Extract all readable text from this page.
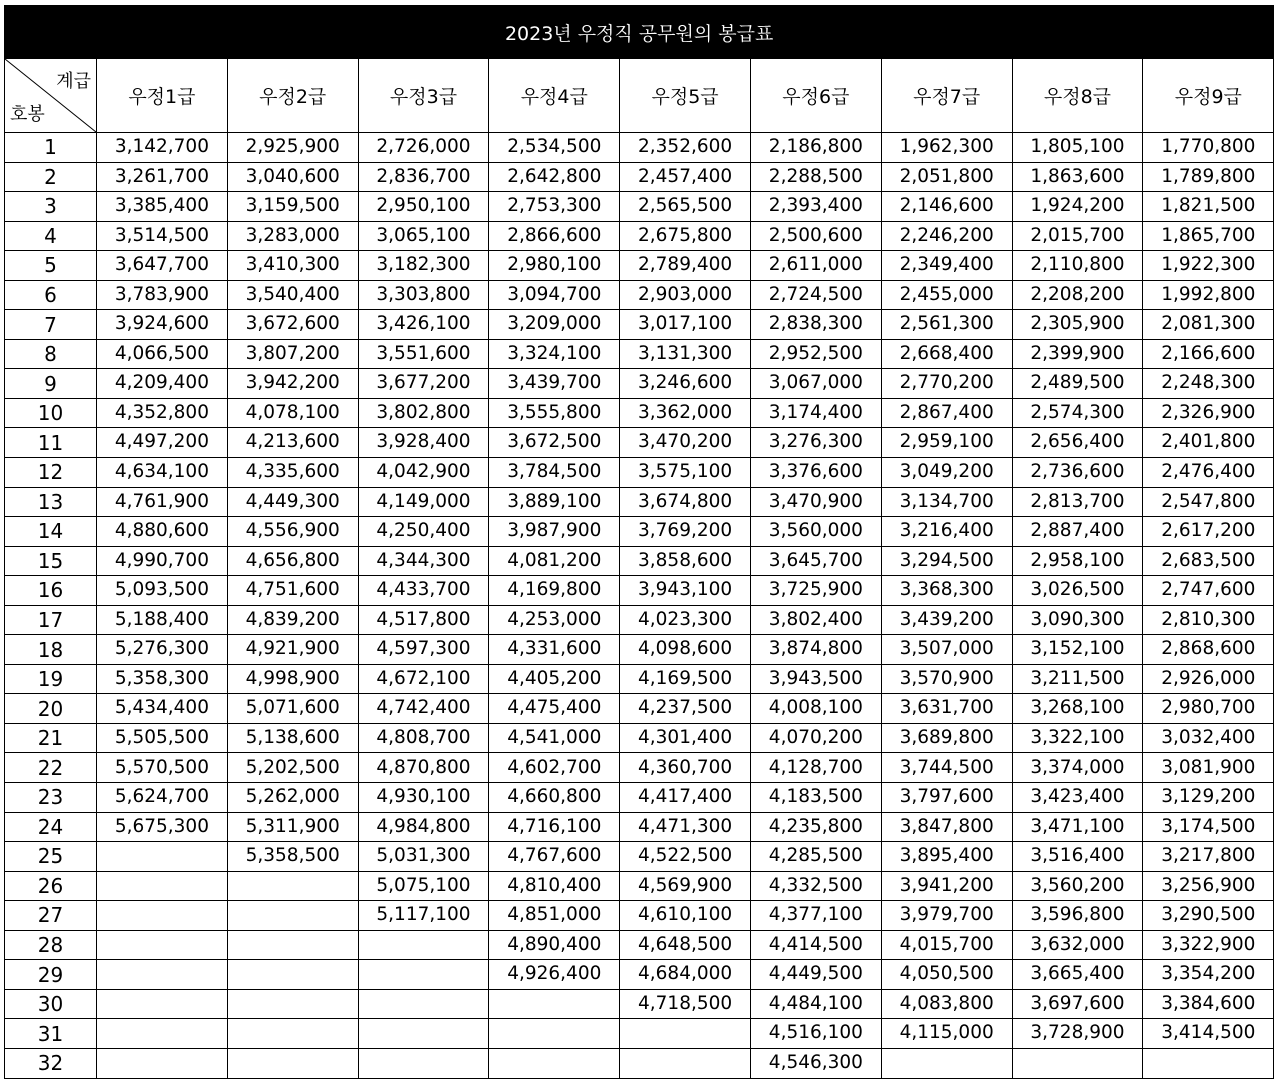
2023년 우정직 공무원의 봉급표									

계급
호봉	우정1급	우정2급	우정3급	우정4급	우정5급	우정6급	우정7급	우정8급	우정9급
1	3,142,700	2,925,900	2,726,000	2,534,500	2,352,600	2,186,800	1,962,300	1,805,100	1,770,800
2	3,261,700	3,040,600	2,836,700	2,642,800	2,457,400	2,288,500	2,051,800	1,863,600	1,789,800
3	3,385,400	3,159,500	2,950,100	2,753,300	2,565,500	2,393,400	2,146,600	1,924,200	1,821,500
4	3,514,500	3,283,000	3,065,100	2,866,600	2,675,800	2,500,600	2,246,200	2,015,700	1,865,700
5	3,647,700	3,410,300	3,182,300	2,980,100	2,789,400	2,611,000	2,349,400	2,110,800	1,922,300
6	3,783,900	3,540,400	3,303,800	3,094,700	2,903,000	2,724,500	2,455,000	2,208,200	1,992,800
7	3,924,600	3,672,600	3,426,100	3,209,000	3,017,100	2,838,300	2,561,300	2,305,900	2,081,300
8	4,066,500	3,807,200	3,551,600	3,324,100	3,131,300	2,952,500	2,668,400	2,399,900	2,166,600
9	4,209,400	3,942,200	3,677,200	3,439,700	3,246,600	3,067,000	2,770,200	2,489,500	2,248,300
10	4,352,800	4,078,100	3,802,800	3,555,800	3,362,000	3,174,400	2,867,400	2,574,300	2,326,900
11	4,497,200	4,213,600	3,928,400	3,672,500	3,470,200	3,276,300	2,959,100	2,656,400	2,401,800
12	4,634,100	4,335,600	4,042,900	3,784,500	3,575,100	3,376,600	3,049,200	2,736,600	2,476,400
13	4,761,900	4,449,300	4,149,000	3,889,100	3,674,800	3,470,900	3,134,700	2,813,700	2,547,800
14	4,880,600	4,556,900	4,250,400	3,987,900	3,769,200	3,560,000	3,216,400	2,887,400	2,617,200
15	4,990,700	4,656,800	4,344,300	4,081,200	3,858,600	3,645,700	3,294,500	2,958,100	2,683,500
16	5,093,500	4,751,600	4,433,700	4,169,800	3,943,100	3,725,900	3,368,300	3,026,500	2,747,600
17	5,188,400	4,839,200	4,517,800	4,253,000	4,023,300	3,802,400	3,439,200	3,090,300	2,810,300
18	5,276,300	4,921,900	4,597,300	4,331,600	4,098,600	3,874,800	3,507,000	3,152,100	2,868,600
19	5,358,300	4,998,900	4,672,100	4,405,200	4,169,500	3,943,500	3,570,900	3,211,500	2,926,000
20	5,434,400	5,071,600	4,742,400	4,475,400	4,237,500	4,008,100	3,631,700	3,268,100	2,980,700
21	5,505,500	5,138,600	4,808,700	4,541,000	4,301,400	4,070,200	3,689,800	3,322,100	3,032,400
22	5,570,500	5,202,500	4,870,800	4,602,700	4,360,700	4,128,700	3,744,500	3,374,000	3,081,900
23	5,624,700	5,262,000	4,930,100	4,660,800	4,417,400	4,183,500	3,797,600	3,423,400	3,129,200
24	5,675,300	5,311,900	4,984,800	4,716,100	4,471,300	4,235,800	3,847,800	3,471,100	3,174,500
25		5,358,500	5,031,300	4,767,600	4,522,500	4,285,500	3,895,400	3,516,400	3,217,800
26			5,075,100	4,810,400	4,569,900	4,332,500	3,941,200	3,560,200	3,256,900
27			5,117,100	4,851,000	4,610,100	4,377,100	3,979,700	3,596,800	3,290,500
28				4,890,400	4,648,500	4,414,500	4,015,700	3,632,000	3,322,900
29				4,926,400	4,684,000	4,449,500	4,050,500	3,665,400	3,354,200
30					4,718,500	4,484,100	4,083,800	3,697,600	3,384,600
31						4,516,100	4,115,000	3,728,900	3,414,500
32						4,546,300			
